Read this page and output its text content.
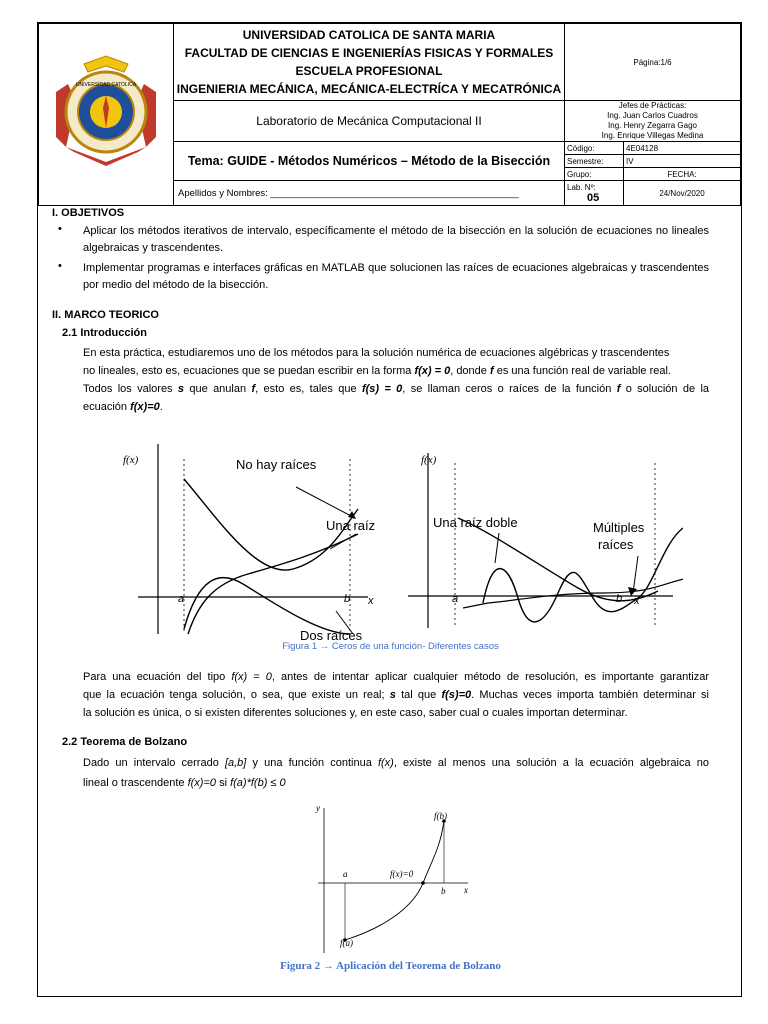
UNIVERSIDAD CATOLICA	UNIVERSIDAD CATOLICA DE SANTA MARIA
FACULTAD DE CIENCIAS E INGENIERÍAS FISICAS Y FORMALES
ESCUELA PROFESIONAL
INGENIERIA MECÁNICA, MECÁNICA-ELECTRÍCA Y MECATRÓNICA	Página:1/6	
	Laboratorio de Mecánica Computacional II	Jefes de Prácticas:
Ing. Juan Carlos Cuadros
Ing. Henry Zegarra Gago
Ing. Enrique Villegas Medina	

	Tema: GUIDE - Métodos Numéricos – Método de la Bisección	Código:	4E04128
		Semestre:	IV
		Grupo:	FECHA:
	Apellidos y Nombres: _______________________________________________	Lab. Nº: 05	24/Nov/2020
I. OBJETIVOS
• Aplicar los métodos iterativos de intervalo, específicamente el método de la bisección en la solución de ecuaciones no lineales algebraicas y trascendentes.
• Implementar programas e interfaces gráficas en MATLAB que solucionen las raíces de ecuaciones algebraicas y trascendentes por medio del método de la bisección.
II. MARCO TEORICO
2.1 Introducción
En esta práctica, estudiaremos uno de los métodos para la solución numérica de ecuaciones algébricas y trascendentes
no lineales, esto es, ecuaciones que se puedan escribir en la forma f(x) = 0, donde f es una función real de variable real.
Todos los valores s que anulan f, esto es, tales que f(s) = 0, se llaman ceros o raíces de la función f o solución de la
ecuación f(x)=0.
No hay raíces
Una raíz
Dos raíces
a	b x
f(x)
f(x)
Una raíz doble	Múltiples
raíces
a	b x
Figura 1 → Ceros de una función- Diferentes casos
Para una ecuación del tipo f(x) = 0, antes de intentar aplicar cualquier método de resolución, es importante garantizar
que la ecuación tenga solución, o sea, que existe un real; s tal que f(s)=0. Muchas veces importa también determinar si
la solución es única, o si existen diferentes soluciones y, en este caso, saber cual o cuales importan determinar.
2.2 Teorema de Bolzano
Dado un intervalo cerrado [a,b] y una función continua f(x), existe al menos una solución a la ecuación algebraica no
lineal o trascendente f(x)=0 si f(a)*f(b) ≤ 0
y
f(b)
a	f(x)=0
b x
f(a)
Figura 2 → Aplicación del Teorema de Bolzano
